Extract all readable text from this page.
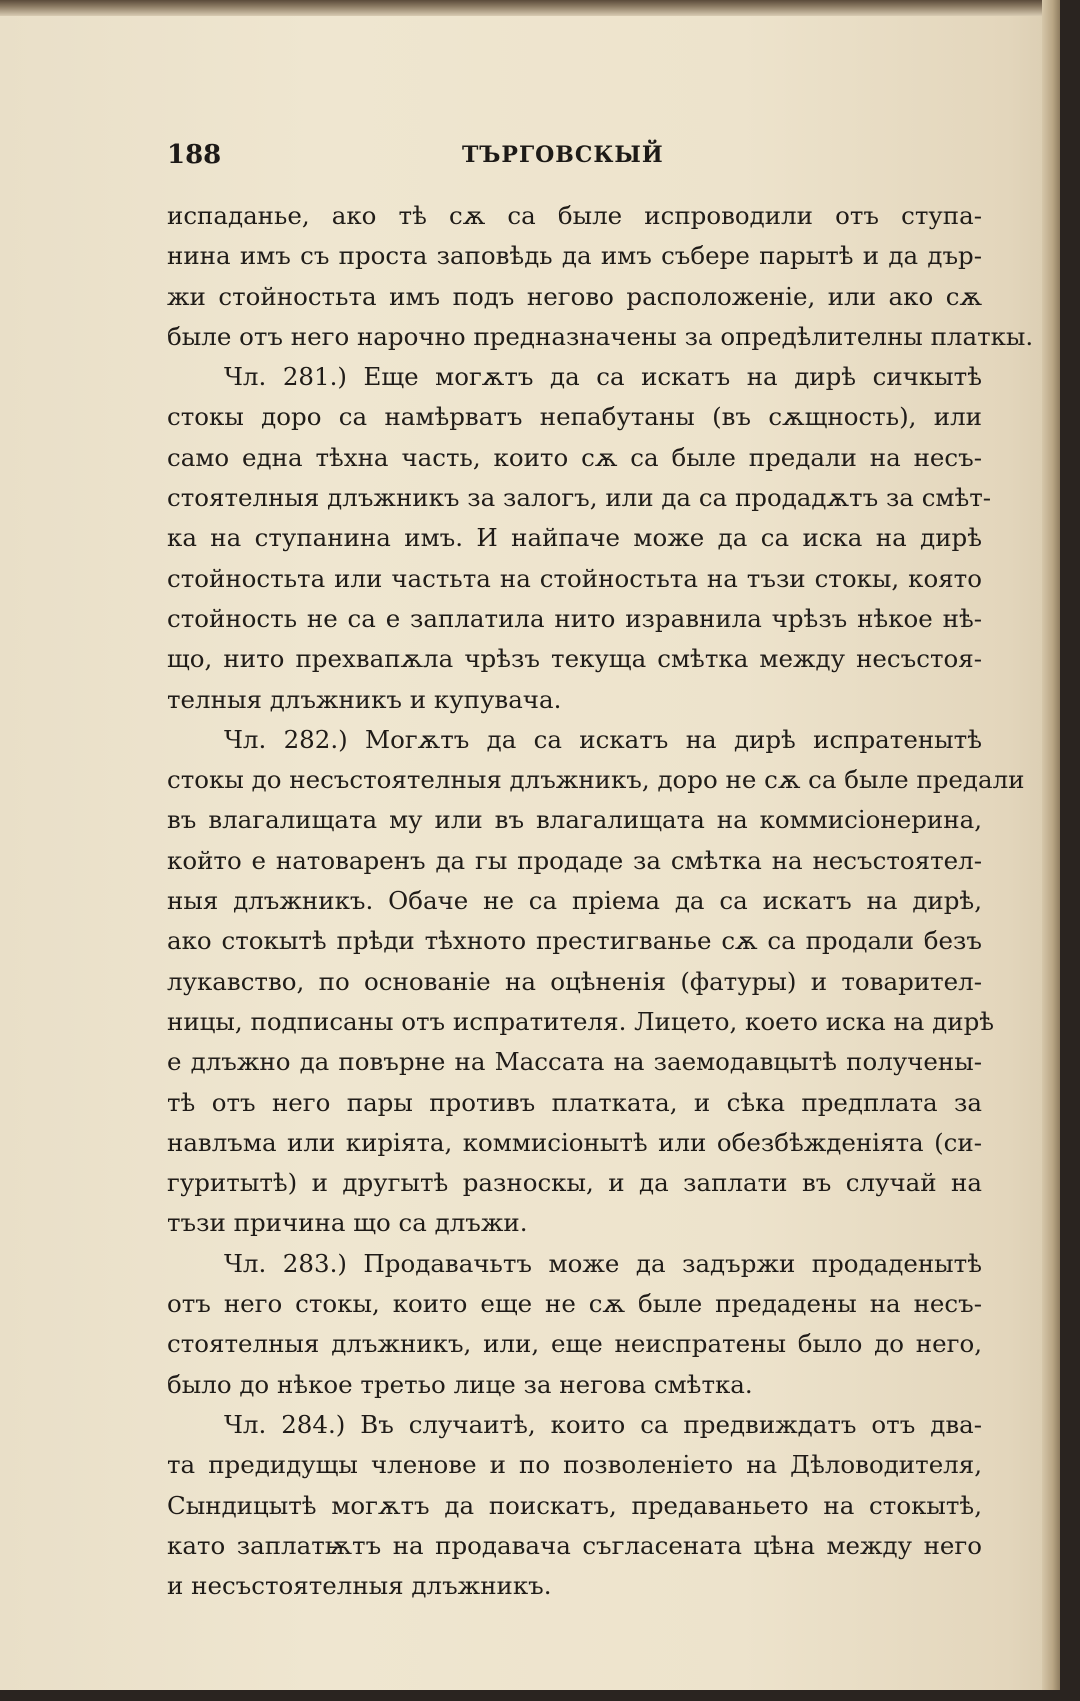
188	ТЪРГОВСКЫЙ
испаданье, ако тѣ сѫ са быле испроводили отъ ступа-
нина имъ съ проста заповѣдь да имъ събере парытѣ и да дър-
жи стойностьта имъ подъ негово расположеніе, или ако сѫ
быле отъ него нарочно предназначены за опредѣлителны платкы.
Чл. 281.) Еще могѫтъ да са искатъ на дирѣ сичкытѣ
стокы доро са намѣрватъ непабутаны (въ сѫщность), или
само една тѣхна часть, които сѫ са быле предали на несъ-
стоятелныя длъжникъ за залогъ, или да са продадѫтъ за смѣт-
ка на ступанина имъ. И найпаче може да са иска на дирѣ
стойностьта или частьта на стойностьта на тъзи стокы, която
стойность не са е заплатила нито изравнила чрѣзъ нѣкое нѣ-
що, нито прехвапѫла чрѣзъ текуща смѣтка между несъстоя-
телныя длъжникъ и купувача.
Чл. 282.) Могѫтъ да са искатъ на дирѣ испратенытѣ
стокы до несъстоятелныя длъжникъ, доро не сѫ са быле предали
въ влагалищата му или въ влагалищата на коммисіонерина,
който е натоваренъ да гы продаде за смѣтка на несъстоятел-
ныя длъжникъ. Обаче не са пріема да са искатъ на дирѣ,
ако стокытѣ прѣди тѣхното престигванье сѫ са продали безъ
лукавство, по основаніе на оцѣненія (фатуры) и товарител-
ницы, подписаны отъ испратителя. Лицето, което иска на дирѣ
е длъжно да повърне на Массата на заемодавцытѣ получены-
тѣ отъ него пары противъ платката, и сѣка предплата за
навлъма или киріята, коммисіонытѣ или обезбѣжденіята (си-
гуритытѣ) и другытѣ разноскы, и да заплати въ случай на
тъзи причина що са длъжи.
Чл. 283.) Продавачьтъ може да задържи продаденытѣ
отъ него стокы, които еще не сѫ быле предадены на несъ-
стоятелныя длъжникъ, или, еще неиспратены было до него,
было до нѣкое третьо лице за негова смѣтка.
Чл. 284.) Въ случаитѣ, които са предвиждатъ отъ два-
та предидущы членове и по позволеніето на Дѣловодителя,
Сындицытѣ могѫтъ да поискатъ, предаваньето на стокытѣ,
като заплатѭтъ на продавача съгласената цѣна между него
и несъстоятелныя длъжникъ.
